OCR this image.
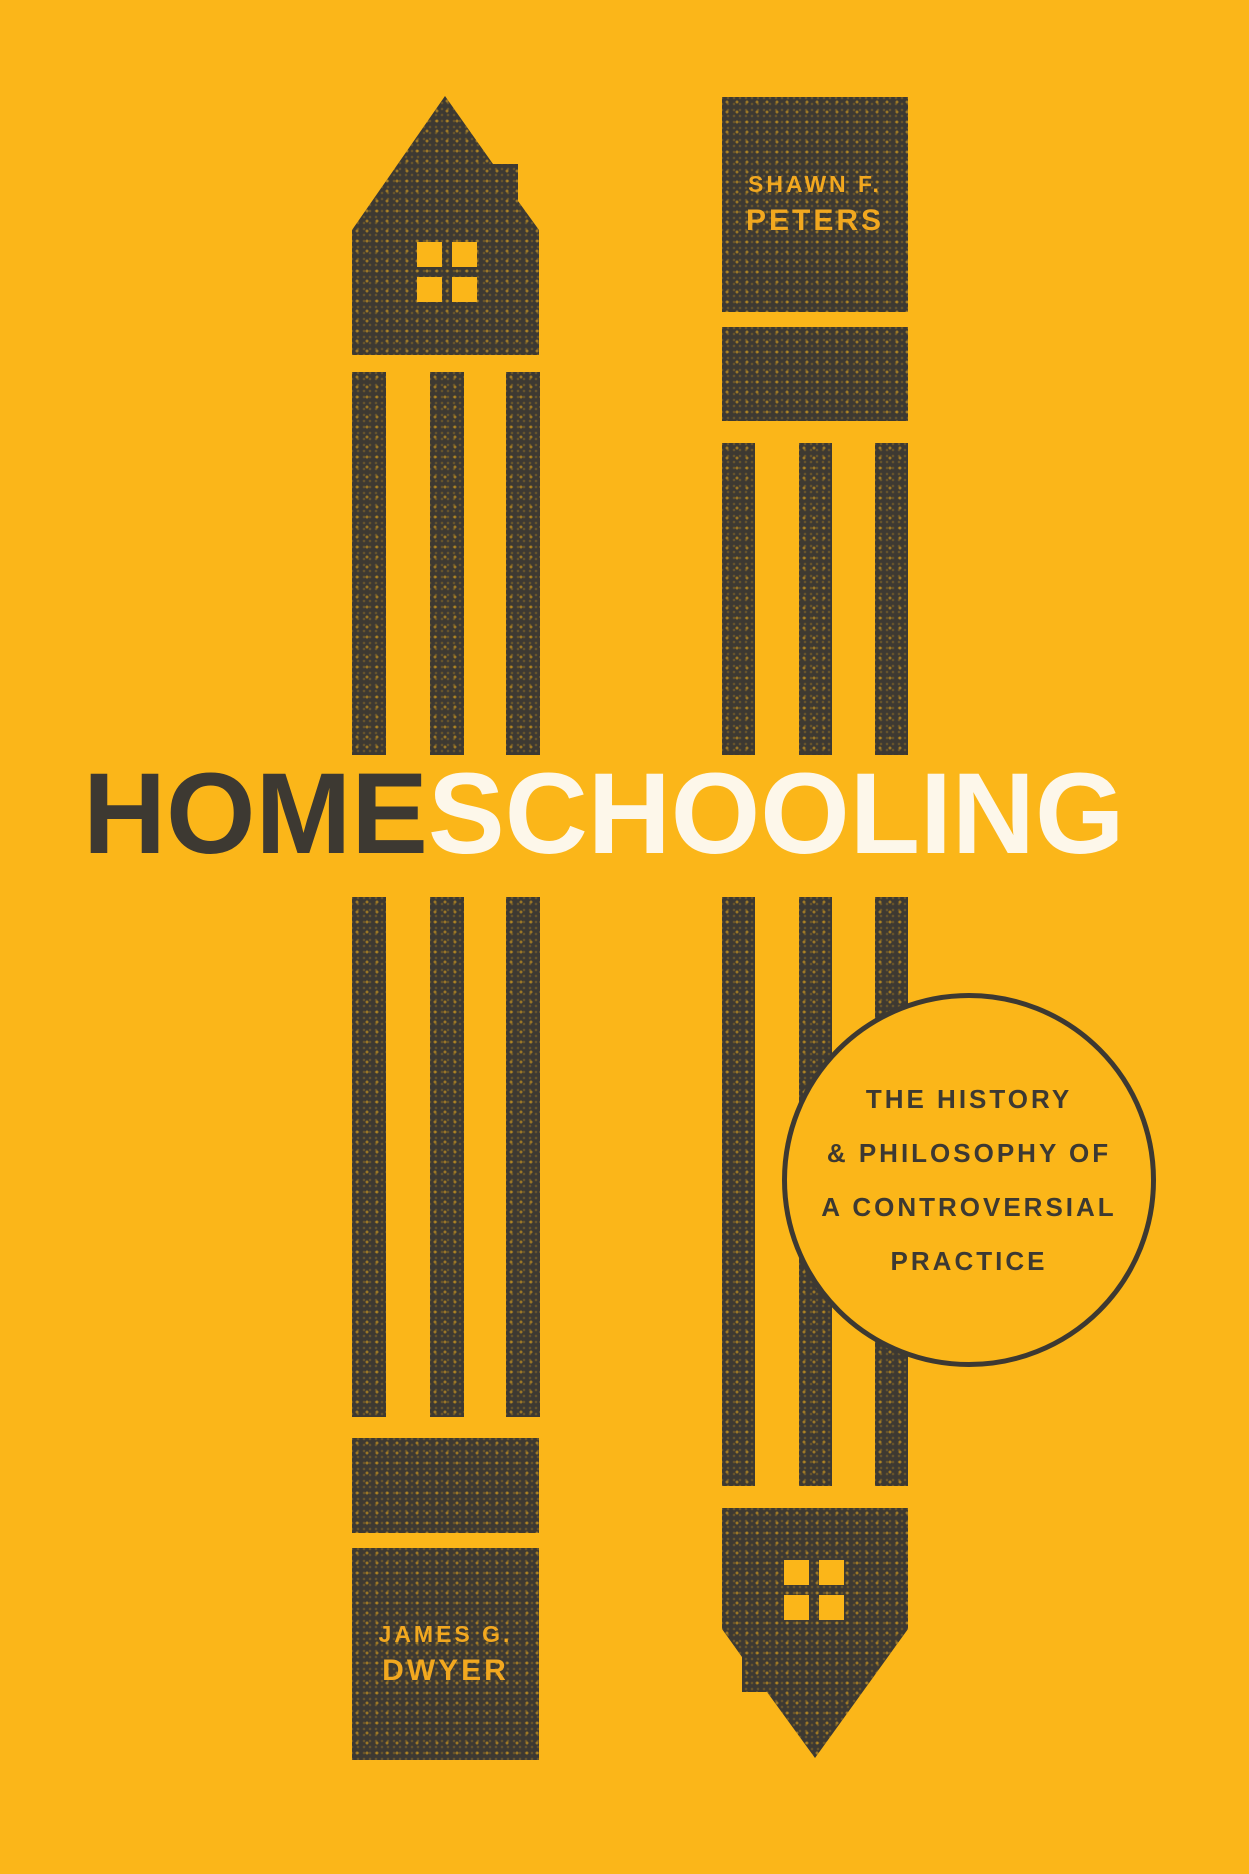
JAMES G.
DWYER
SHAWN F.
PETERS
HOMESCHOOLING
THE HISTORY
& PHILOSOPHY OF
A CONTROVERSIAL
PRACTICE
